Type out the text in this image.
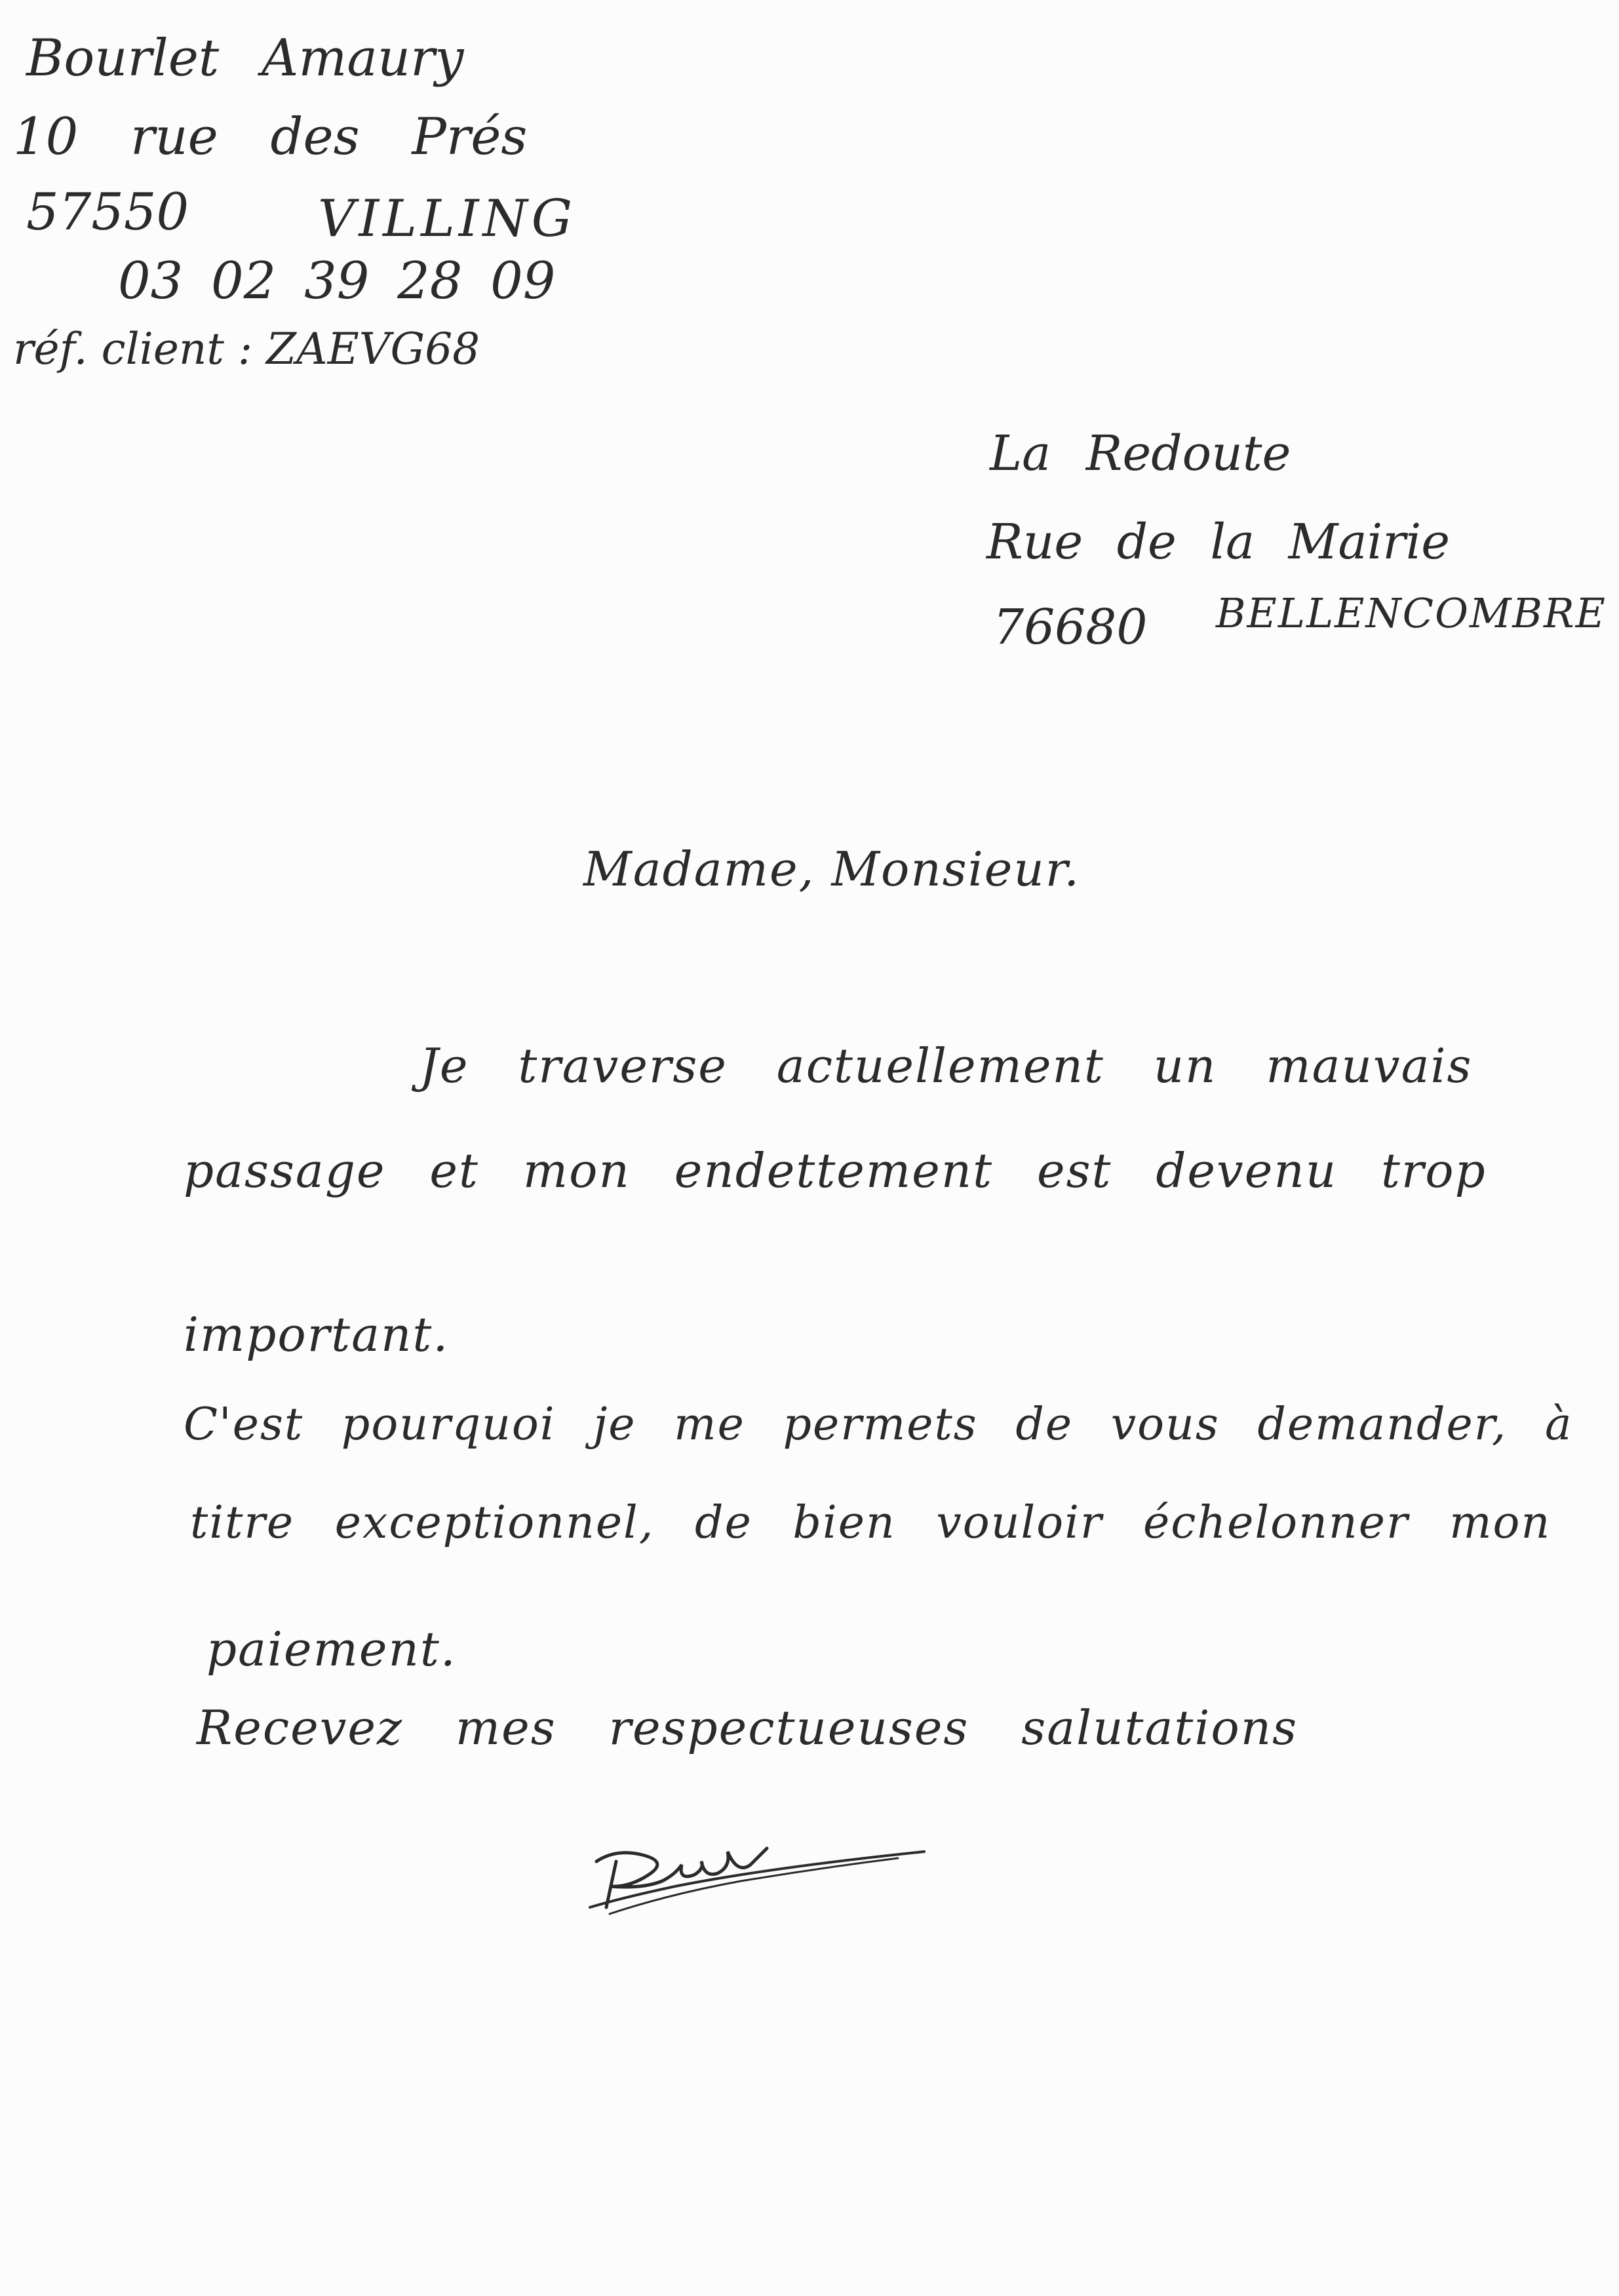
Bourlet Amaury
10 rue des Prés
57550	VILLING
03 02 39 28 09
réf. client : ZAEVG68
La Redoute
Rue de la Mairie
76680 BELLENCOMBRE
Madame, Monsieur.
Je traverse actuellement un mauvais
passage et mon endettement est devenu trop
important.
C'est pourquoi je me permets de vous demander, à
titre exceptionnel, de bien vouloir échelonner mon
paiement.
Recevez mes respectueuses salutations
